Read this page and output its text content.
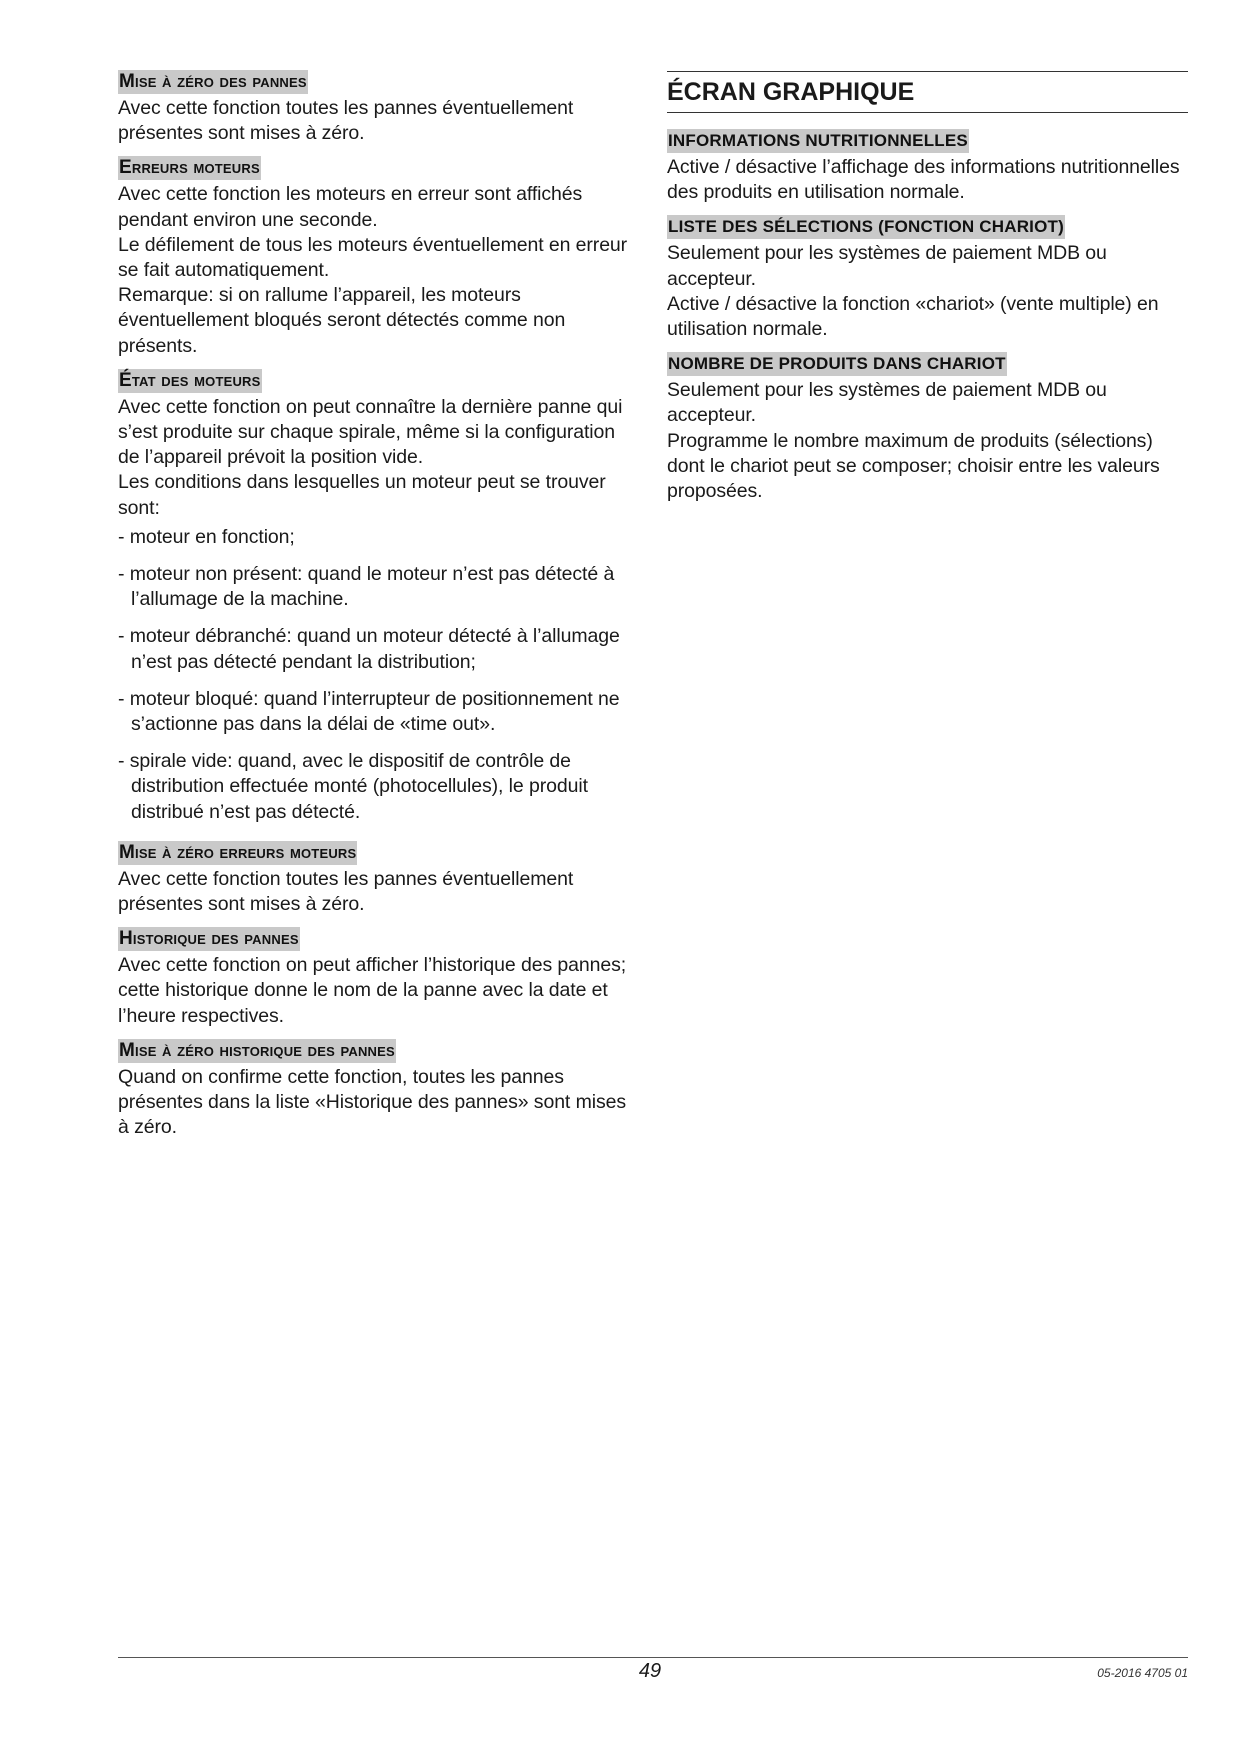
Mise à zéro des pannes

Avec cette fonction toutes les pannes éventuellement présentes sont mises à zéro.

Erreurs moteurs

Avec cette fonction les moteurs en erreur sont affichés pendant environ une seconde.

Le défilement de tous les moteurs éventuellement en erreur se fait automatiquement.

Remarque: si on rallume l’appareil, les moteurs éventuellement bloqués seront détectés comme non présents.

État des moteurs

Avec cette fonction on peut connaître la dernière panne qui s’est produite sur chaque spirale, même si la configuration de l’appareil prévoit la position vide.

Les conditions dans lesquelles un moteur peut se trouver sont:

- moteur en fonction;
- moteur non présent: quand le moteur n’est pas détecté à l’allumage de la machine.
- moteur débranché: quand un moteur détecté à l’allumage n’est pas détecté pendant la distribution;
- moteur bloqué: quand l’interrupteur de positionnement ne s’actionne pas dans la délai de «time out».
- spirale vide: quand, avec le dispositif de contrôle de distribution effectuée monté (photocellules), le produit distribué n’est pas détecté.
Mise à zéro erreurs moteurs

Avec cette fonction toutes les pannes éventuellement présentes sont mises à zéro.

Historique des pannes

Avec cette fonction on peut afficher l’historique des pannes; cette historique donne le nom de la panne avec la date et l’heure respectives.

Mise à zéro historique des pannes

Quand on confirme cette fonction, toutes les pannes présentes dans la liste «Historique des pannes» sont mises à zéro.

ÉCRAN GRAPHIQUE
INFORMATIONS NUTRITIONNELLES

Active / désactive l’affichage des informations nutritionnelles des produits en utilisation normale.

LISTE DES SÉLECTIONS (FONCTION CHARIOT)

Seulement pour les systèmes de paiement MDB ou accepteur.

Active / désactive la fonction «chariot» (vente multiple) en utilisation normale.

NOMBRE DE PRODUITS DANS CHARIOT

Seulement pour les systèmes de paiement MDB ou accepteur.

Programme le nombre maximum de produits (sélections) dont le chariot peut se composer; choisir entre les valeurs proposées.

49	05-2016 4705 01
